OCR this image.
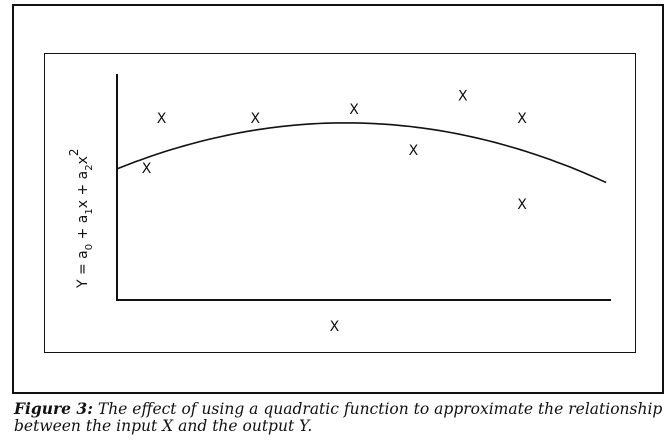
X
X	X
X
X
X
X
X
X
$Y = a_0 + a_1x + a_2x2$
Figure 3: The effect of using a quadratic function to approximate the relationship between the input X and the output Y.
